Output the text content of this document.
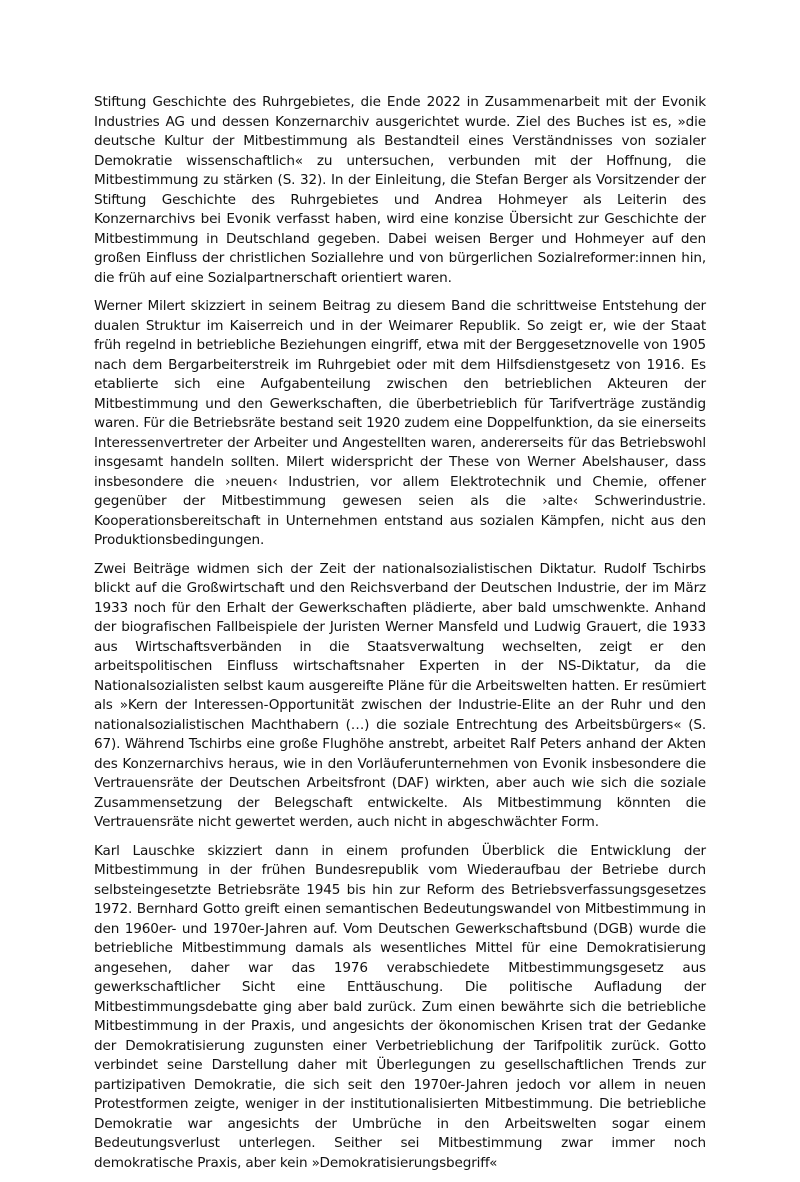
Stiftung Geschichte des Ruhrgebietes, die Ende 2022 in Zusammenarbeit mit der Evonik Industries AG und dessen Konzernarchiv ausgerichtet wurde. Ziel des Buches ist es, »die deutsche Kultur der Mitbestimmung als Bestandteil eines Verständnisses von sozialer Demokratie wissenschaftlich« zu untersuchen, verbunden mit der Hoffnung, die Mitbestimmung zu stärken (S. 32). In der Einleitung, die Stefan Berger als Vorsitzender der Stiftung Geschichte des Ruhrgebietes und Andrea Hohmeyer als Leiterin des Konzernarchivs bei Evonik verfasst haben, wird eine konzise Übersicht zur Geschichte der Mitbestimmung in Deutschland gegeben. Dabei weisen Berger und Hohmeyer auf den großen Einfluss der christlichen Soziallehre und von bürgerlichen Sozialreformer:innen hin, die früh auf eine Sozialpartnerschaft orientiert waren.

Werner Milert skizziert in seinem Beitrag zu diesem Band die schrittweise Entstehung der dualen Struktur im Kaiserreich und in der Weimarer Republik. So zeigt er, wie der Staat früh regelnd in betriebliche Beziehungen eingriff, etwa mit der Berggesetznovelle von 1905 nach dem Bergarbeiterstreik im Ruhrgebiet oder mit dem Hilfsdienstgesetz von 1916. Es etablierte sich eine Aufgabenteilung zwischen den betrieblichen Akteuren der Mitbestimmung und den Gewerkschaften, die überbetrieblich für Tarifverträge zuständig waren. Für die Betriebsräte bestand seit 1920 zudem eine Doppelfunktion, da sie einerseits Interessenvertreter der Arbeiter und Angestellten waren, andererseits für das Betriebswohl insgesamt handeln sollten. Milert widerspricht der These von Werner Abelshauser, dass insbesondere die ›neuen‹ Industrien, vor allem Elektrotechnik und Chemie, offener gegenüber der Mitbestimmung gewesen seien als die ›alte‹ Schwerindustrie. Kooperationsbereitschaft in Unternehmen entstand aus sozialen Kämpfen, nicht aus den Produktionsbedingungen.

Zwei Beiträge widmen sich der Zeit der nationalsozialistischen Diktatur. Rudolf Tschirbs blickt auf die Großwirtschaft und den Reichsverband der Deutschen Industrie, der im März 1933 noch für den Erhalt der Gewerkschaften plädierte, aber bald umschwenkte. Anhand der biografischen Fallbeispiele der Juristen Werner Mansfeld und Ludwig Grauert, die 1933 aus Wirtschaftsverbänden in die Staatsverwaltung wechselten, zeigt er den arbeitspolitischen Einfluss wirtschaftsnaher Experten in der NS-Diktatur, da die Nationalsozialisten selbst kaum ausgereifte Pläne für die Arbeitswelten hatten. Er resümiert als »Kern der Interessen-Opportunität zwischen der Industrie-Elite an der Ruhr und den nationalsozialistischen Machthabern (…) die soziale Entrechtung des Arbeitsbürgers« (S. 67). Während Tschirbs eine große Flughöhe anstrebt, arbeitet Ralf Peters anhand der Akten des Konzernarchivs heraus, wie in den Vorläuferunternehmen von Evonik insbesondere die Vertrauensräte der Deutschen Arbeitsfront (DAF) wirkten, aber auch wie sich die soziale Zusammensetzung der Belegschaft entwickelte. Als Mitbestimmung könnten die Vertrauensräte nicht gewertet werden, auch nicht in abgeschwächter Form.

Karl Lauschke skizziert dann in einem profunden Überblick die Entwicklung der Mitbestimmung in der frühen Bundesrepublik vom Wiederaufbau der Betriebe durch selbsteingesetzte Betriebsräte 1945 bis hin zur Reform des Betriebsverfassungsgesetzes 1972. Bernhard Gotto greift einen semantischen Bedeutungswandel von Mitbestimmung in den 1960er- und 1970er-Jahren auf. Vom Deutschen Gewerkschaftsbund (DGB) wurde die betriebliche Mitbestimmung damals als wesentliches Mittel für eine Demokratisierung angesehen, daher war das 1976 verabschiedete Mitbestimmungsgesetz aus gewerkschaftlicher Sicht eine Enttäuschung. Die politische Aufladung der Mitbestimmungsdebatte ging aber bald zurück. Zum einen bewährte sich die betriebliche Mitbestimmung in der Praxis, und angesichts der ökonomischen Krisen trat der Gedanke der Demokratisierung zugunsten einer Verbetrieblichung der Tarifpolitik zurück. Gotto verbindet seine Darstellung daher mit Überlegungen zu gesellschaftlichen Trends zur partizipativen Demokratie, die sich seit den 1970er-Jahren jedoch vor allem in neuen Protestformen zeigte, weniger in der institutionalisierten Mitbestimmung. Die betriebliche Demokratie war angesichts der Umbrüche in den Arbeitswelten sogar einem Bedeutungsverlust unterlegen. Seither sei Mitbestimmung zwar immer noch demokratische Praxis, aber kein »Demokratisierungsbegriff«
